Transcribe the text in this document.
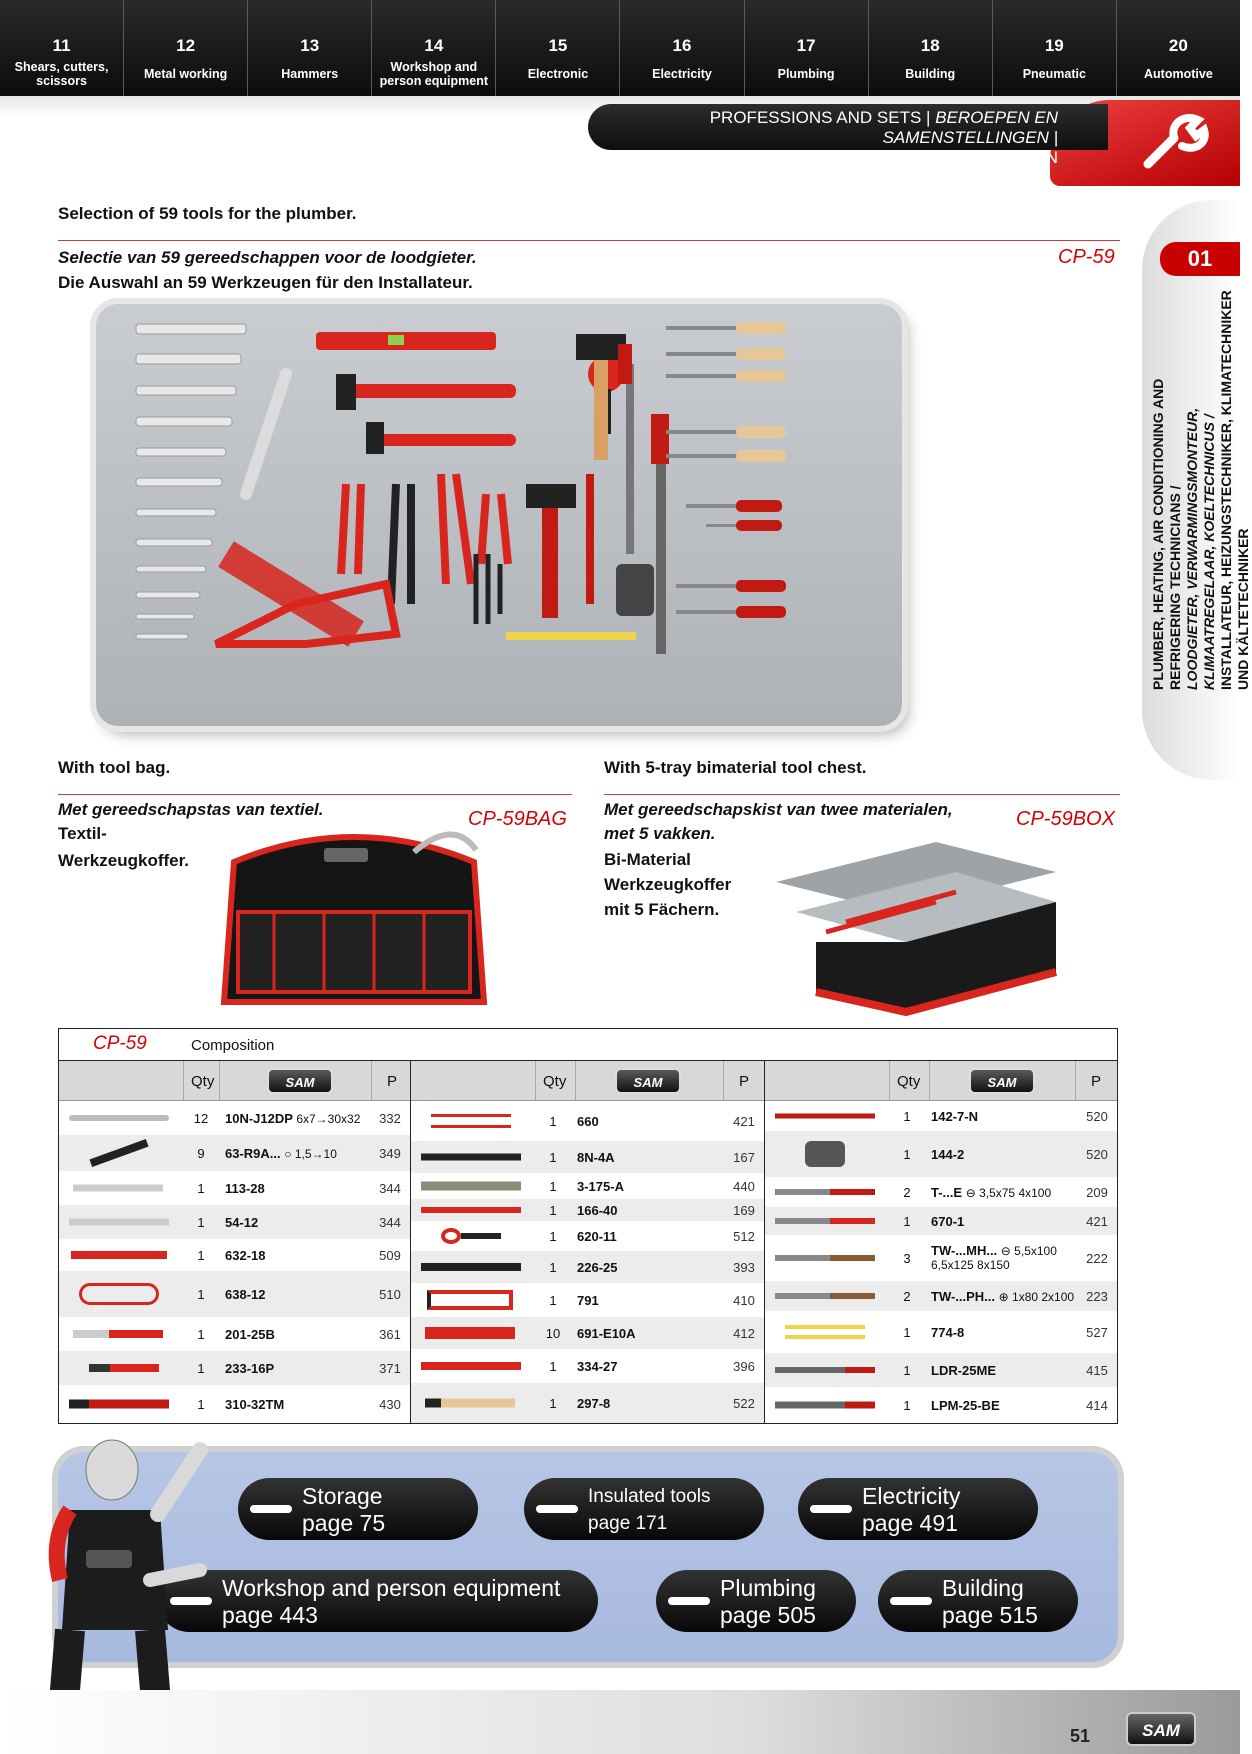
11
Shears, cutters, scissors
12
Metal working
13
Hammers
14
Workshop and person equipment
15
Electronic
16
Electricity
17
Plumbing
18
Building
19
Pneumatic
20
Automotive
PROFESSIONS AND SETS | BEROEPEN EN SAMENSTELLINGEN |
BERUFSGRUPPEN UND ZUSAMMENSTELLUNGEN
01
PLUMBER, HEATING, AIR CONDITIONING AND REFRIGERING TECHNICIANS / LOODGIETER, VERWARMINGSMONTEUR, KLIMAATREGELAAR, KOELTECHNICUS / INSTALLATEUR, HEIZUNGSTECHNIKER, KLIMATECHNIKER UND KÄLTETECHNIKER
Selection of 59 tools for the plumber.
Selectie van 59 gereedschappen voor de loodgieter.
Die Auswahl an 59 Werkzeugen für den Installateur.
CP-59
With tool bag.
Met gereedschapstas van textiel.
Textil-
Werkzeugkoffer.
CP-59BAG
With 5-tray bimaterial tool chest.
Met gereedschapskist van twee materialen,
met 5 vakken.
Bi-Material
Werkzeugkoffer
mit 5 Fächern.
CP-59BOX
CP-59	Composition
Qty	SAM	P
12	10N-J12DP 6x7→30x32	332
9	63-R9A... ○ 1,5→10	349
1	113-28	344
1	54-12	344
1	632-18	509
1	638-12	510
1	201-25B	361
1	233-16P	371
1	310-32TM	430
Qty	SAM	P
1	660	421
1	8N-4A	167
1	3-175-A	440
1	166-40	169
1	620-11	512
1	226-25	393
1	791	410
10	691-E10A	412
1	334-27	396
1	297-8	522
Qty	SAM	P
1	142-7-N	520
1	144-2	520
2	T-...E ⊖ 3,5x75 4x100	209
1	670-1	421
3	TW-...MH... ⊖ 5,5x100
6,5x125 8x150	222
2	TW-...PH... ⊕ 1x80 2x100 223
1	774-8	527
1	LDR-25ME	415
1	LPM-25-BE	414
Storage
page 75
Insulated tools
page 171
Electricity
page 491
Workshop and person equipment
page 443
Plumbing
page 505
Building
page 515
51	SAM
